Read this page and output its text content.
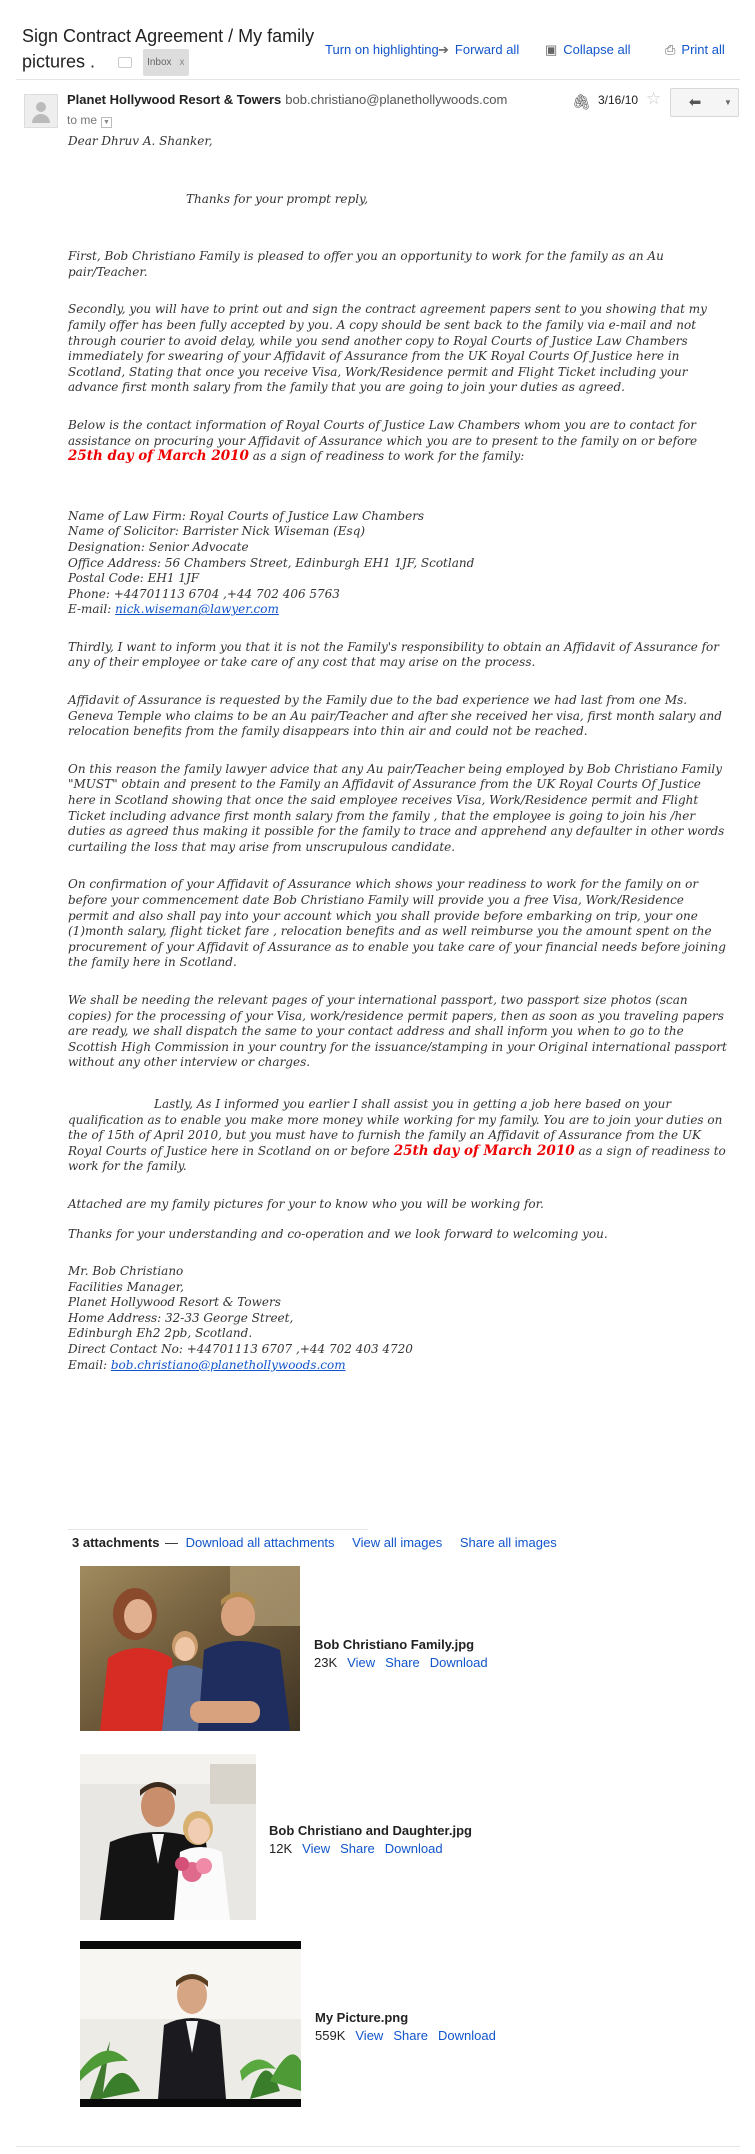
Sign Contract Agreement / My family pictures .	Inbox x
Turn on highlighting ➔ Forward all ▣ Collapse all	⎙ Print all
Planet Hollywood Resort & Towers bob.christiano@planethollywoods.com
to me ▼
🖇 3/16/10 ☆	⬅	▼

Dear Dhruv A. Shanker,

Thanks for your prompt reply,

First, Bob Christiano Family is pleased to offer you an opportunity to work for the family as an Au pair/Teacher.

Secondly, you will have to print out and sign the contract agreement papers sent to you showing that my family offer has been fully accepted by you. A copy should be sent back to the family via e-mail and not through courier to avoid delay, while you send another copy to Royal Courts of Justice Law Chambers immediately for swearing of your Affidavit of Assurance from the UK Royal Courts Of Justice here in Scotland, Stating that once you receive Visa, Work/Residence permit and Flight Ticket including your advance first month salary from the family that you are going to join your duties as agreed.

Below is the contact information of Royal Courts of Justice Law Chambers whom you are to contact for assistance on procuring your Affidavit of Assurance which you are to present to the family on or before 25th day of March 2010 as a sign of readiness to work for the family:

Name of Law Firm: Royal Courts of Justice Law Chambers
Name of Solicitor: Barrister Nick Wiseman (Esq)
Designation: Senior Advocate
Office Address: 56 Chambers Street, Edinburgh EH1 1JF, Scotland
Postal Code: EH1 1JF
Phone: +44701113 6704 ,+44 702 406 5763
E-mail: nick.wiseman@lawyer.com

Thirdly, I want to inform you that it is not the Family's responsibility to obtain an Affidavit of Assurance for any of their employee or take care of any cost that may arise on the process.

Affidavit of Assurance is requested by the Family due to the bad experience we had last from one Ms. Geneva Temple who claims to be an Au pair/Teacher and after she received her visa, first month salary and relocation benefits from the family disappears into thin air and could not be reached.

On this reason the family lawyer advice that any Au pair/Teacher being employed by Bob Christiano Family "MUST" obtain and present to the Family an Affidavit of Assurance from the UK Royal Courts Of Justice here in Scotland showing that once the said employee receives Visa, Work/Residence permit and Flight Ticket including advance first month salary from the family , that the employee is going to join his /her duties as agreed thus making it possible for the family to trace and apprehend any defaulter in other words curtailing the loss that may arise from unscrupulous candidate.

On confirmation of your Affidavit of Assurance which shows your readiness to work for the family on or before your commencement date Bob Christiano Family will provide you a free Visa, Work/Residence permit and also shall pay into your account which you shall provide before embarking on trip, your one (1)month salary, flight ticket fare , relocation benefits and as well reimburse you the amount spent on the procurement of your Affidavit of Assurance as to enable you take care of your financial needs before joining the family here in Scotland.

We shall be needing the relevant pages of your international passport, two passport size photos (scan copies) for the processing of your Visa, work/residence permit papers, then as soon as you traveling papers are ready, we shall dispatch the same to your contact address and shall inform you when to go to the Scottish High Commission in your country for the issuance/stamping in your Original international passport without any other interview or charges.

Lastly, As I informed you earlier I shall assist you in getting a job here based on your qualification as to enable you make more money while working for my family. You are to join your duties on the of 15th of April 2010, but you must have to furnish the family an Affidavit of Assurance from the UK Royal Courts of Justice here in Scotland on or before 25th day of March 2010 as a sign of readiness to work for the family.

Attached are my family pictures for your to know who you will be working for.

Thanks for your understanding and co-operation and we look forward to welcoming you.

Mr. Bob Christiano
Facilities Manager,
Planet Hollywood Resort & Towers
Home Address: 32-33 George Street,
Edinburgh Eh2 2pb, Scotland.
Direct Contact No: +44701113 6707 ,+44 702 403 4720
Email: bob.christiano@planethollywoods.com
3 attachments — Download all attachments View all images Share all images
Bob Christiano Family.jpg
23K View Share Download
Bob Christiano and Daughter.jpg
12K View Share Download
My Picture.png
559K View Share Download
